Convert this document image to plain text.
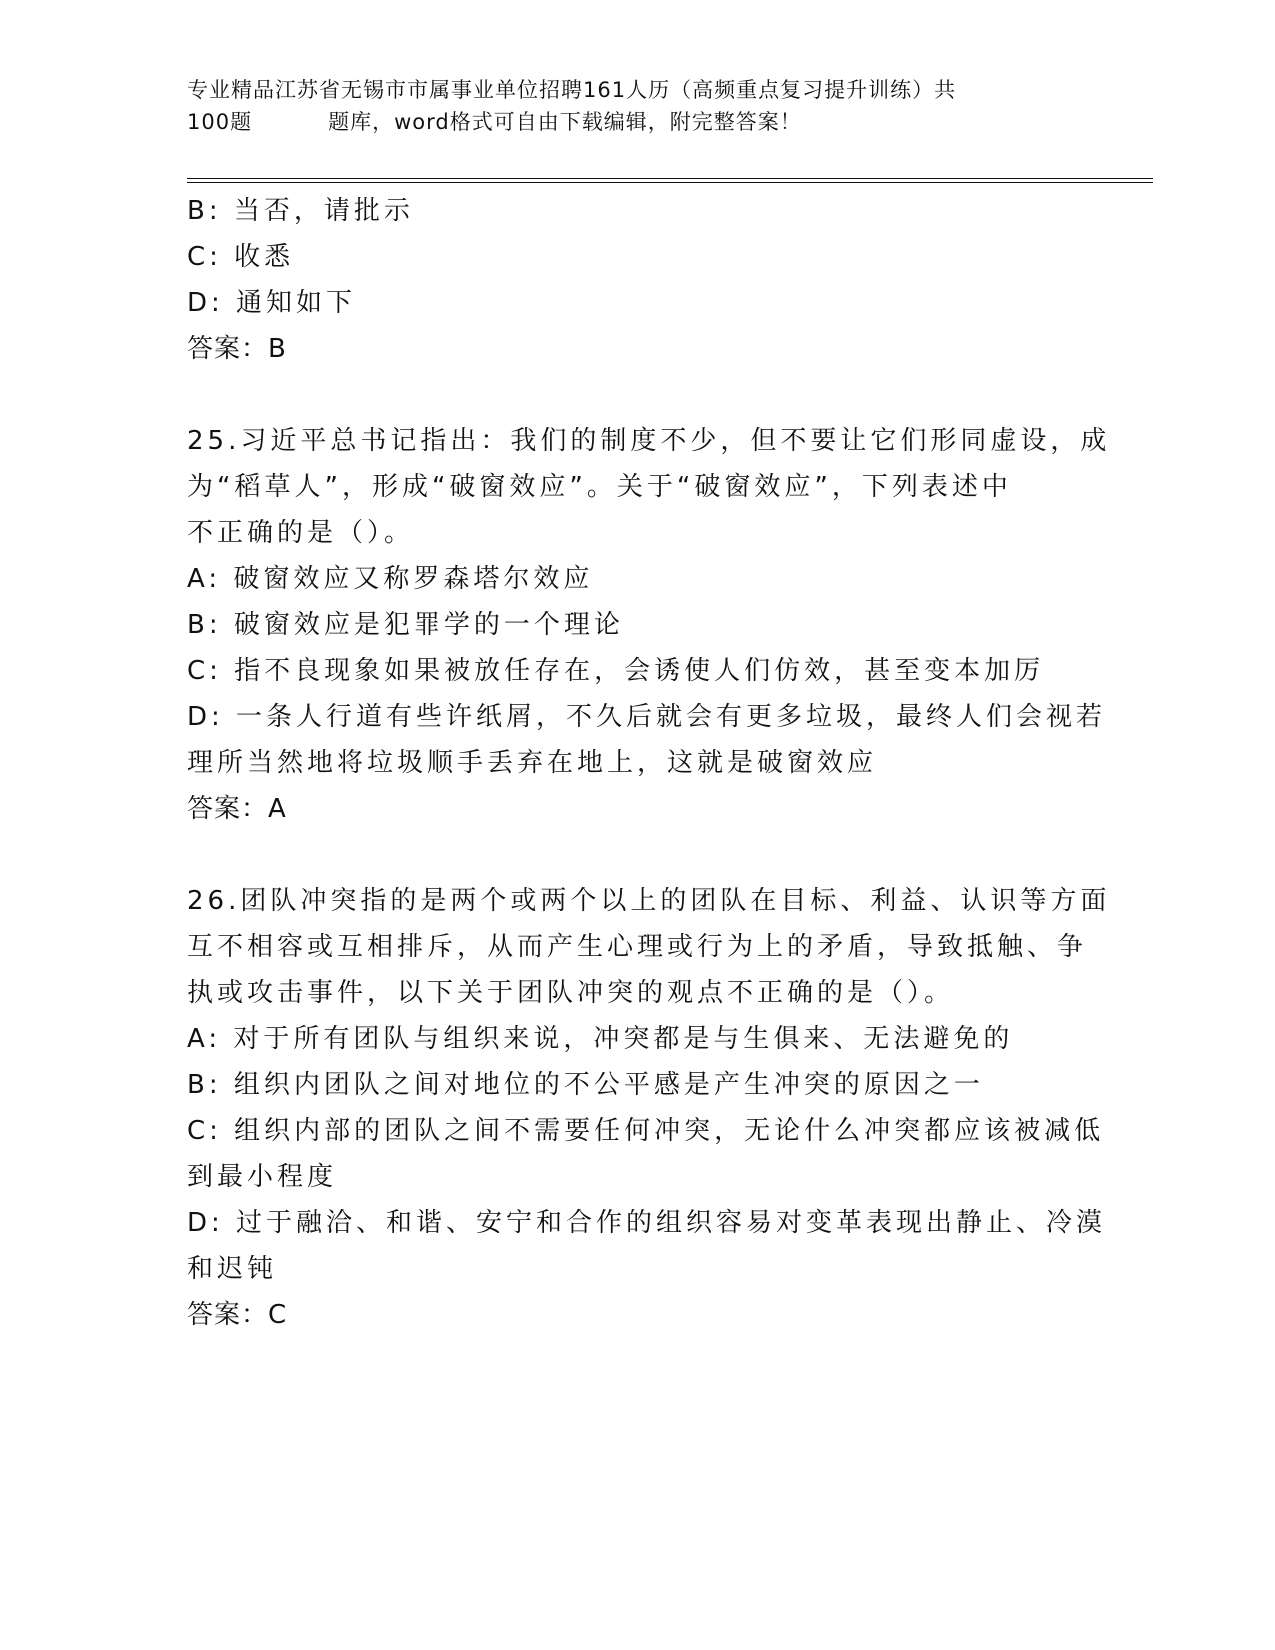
专业精品江苏省无锡市市属事业单位招聘161人历（高频重点复习提升训练）共
100题	题库，word格式可自由下载编辑，附完整答案！
B: 当否，请批示
C: 收悉
D: 通知如下
答案：B
25.习近平总书记指出：我们的制度不少，但不要让它们形同虚设，成
为“稻草人”，形成“破窗效应”。关于“破窗效应”，下列表述中
不正确的是（）。
A: 破窗效应又称罗森塔尔效应
B: 破窗效应是犯罪学的一个理论
C: 指不良现象如果被放任存在，会诱使人们仿效，甚至变本加厉
D: 一条人行道有些许纸屑，不久后就会有更多垃圾，最终人们会视若
理所当然地将垃圾顺手丢弃在地上，这就是破窗效应
答案：A
26.团队冲突指的是两个或两个以上的团队在目标、利益、认识等方面
互不相容或互相排斥，从而产生心理或行为上的矛盾，导致抵触、争
执或攻击事件，以下关于团队冲突的观点不正确的是（）。
A: 对于所有团队与组织来说，冲突都是与生俱来、无法避免的
B: 组织内团队之间对地位的不公平感是产生冲突的原因之一
C: 组织内部的团队之间不需要任何冲突，无论什么冲突都应该被减低
到最小程度
D: 过于融洽、和谐、安宁和合作的组织容易对变革表现出静止、冷漠
和迟钝
答案：C
